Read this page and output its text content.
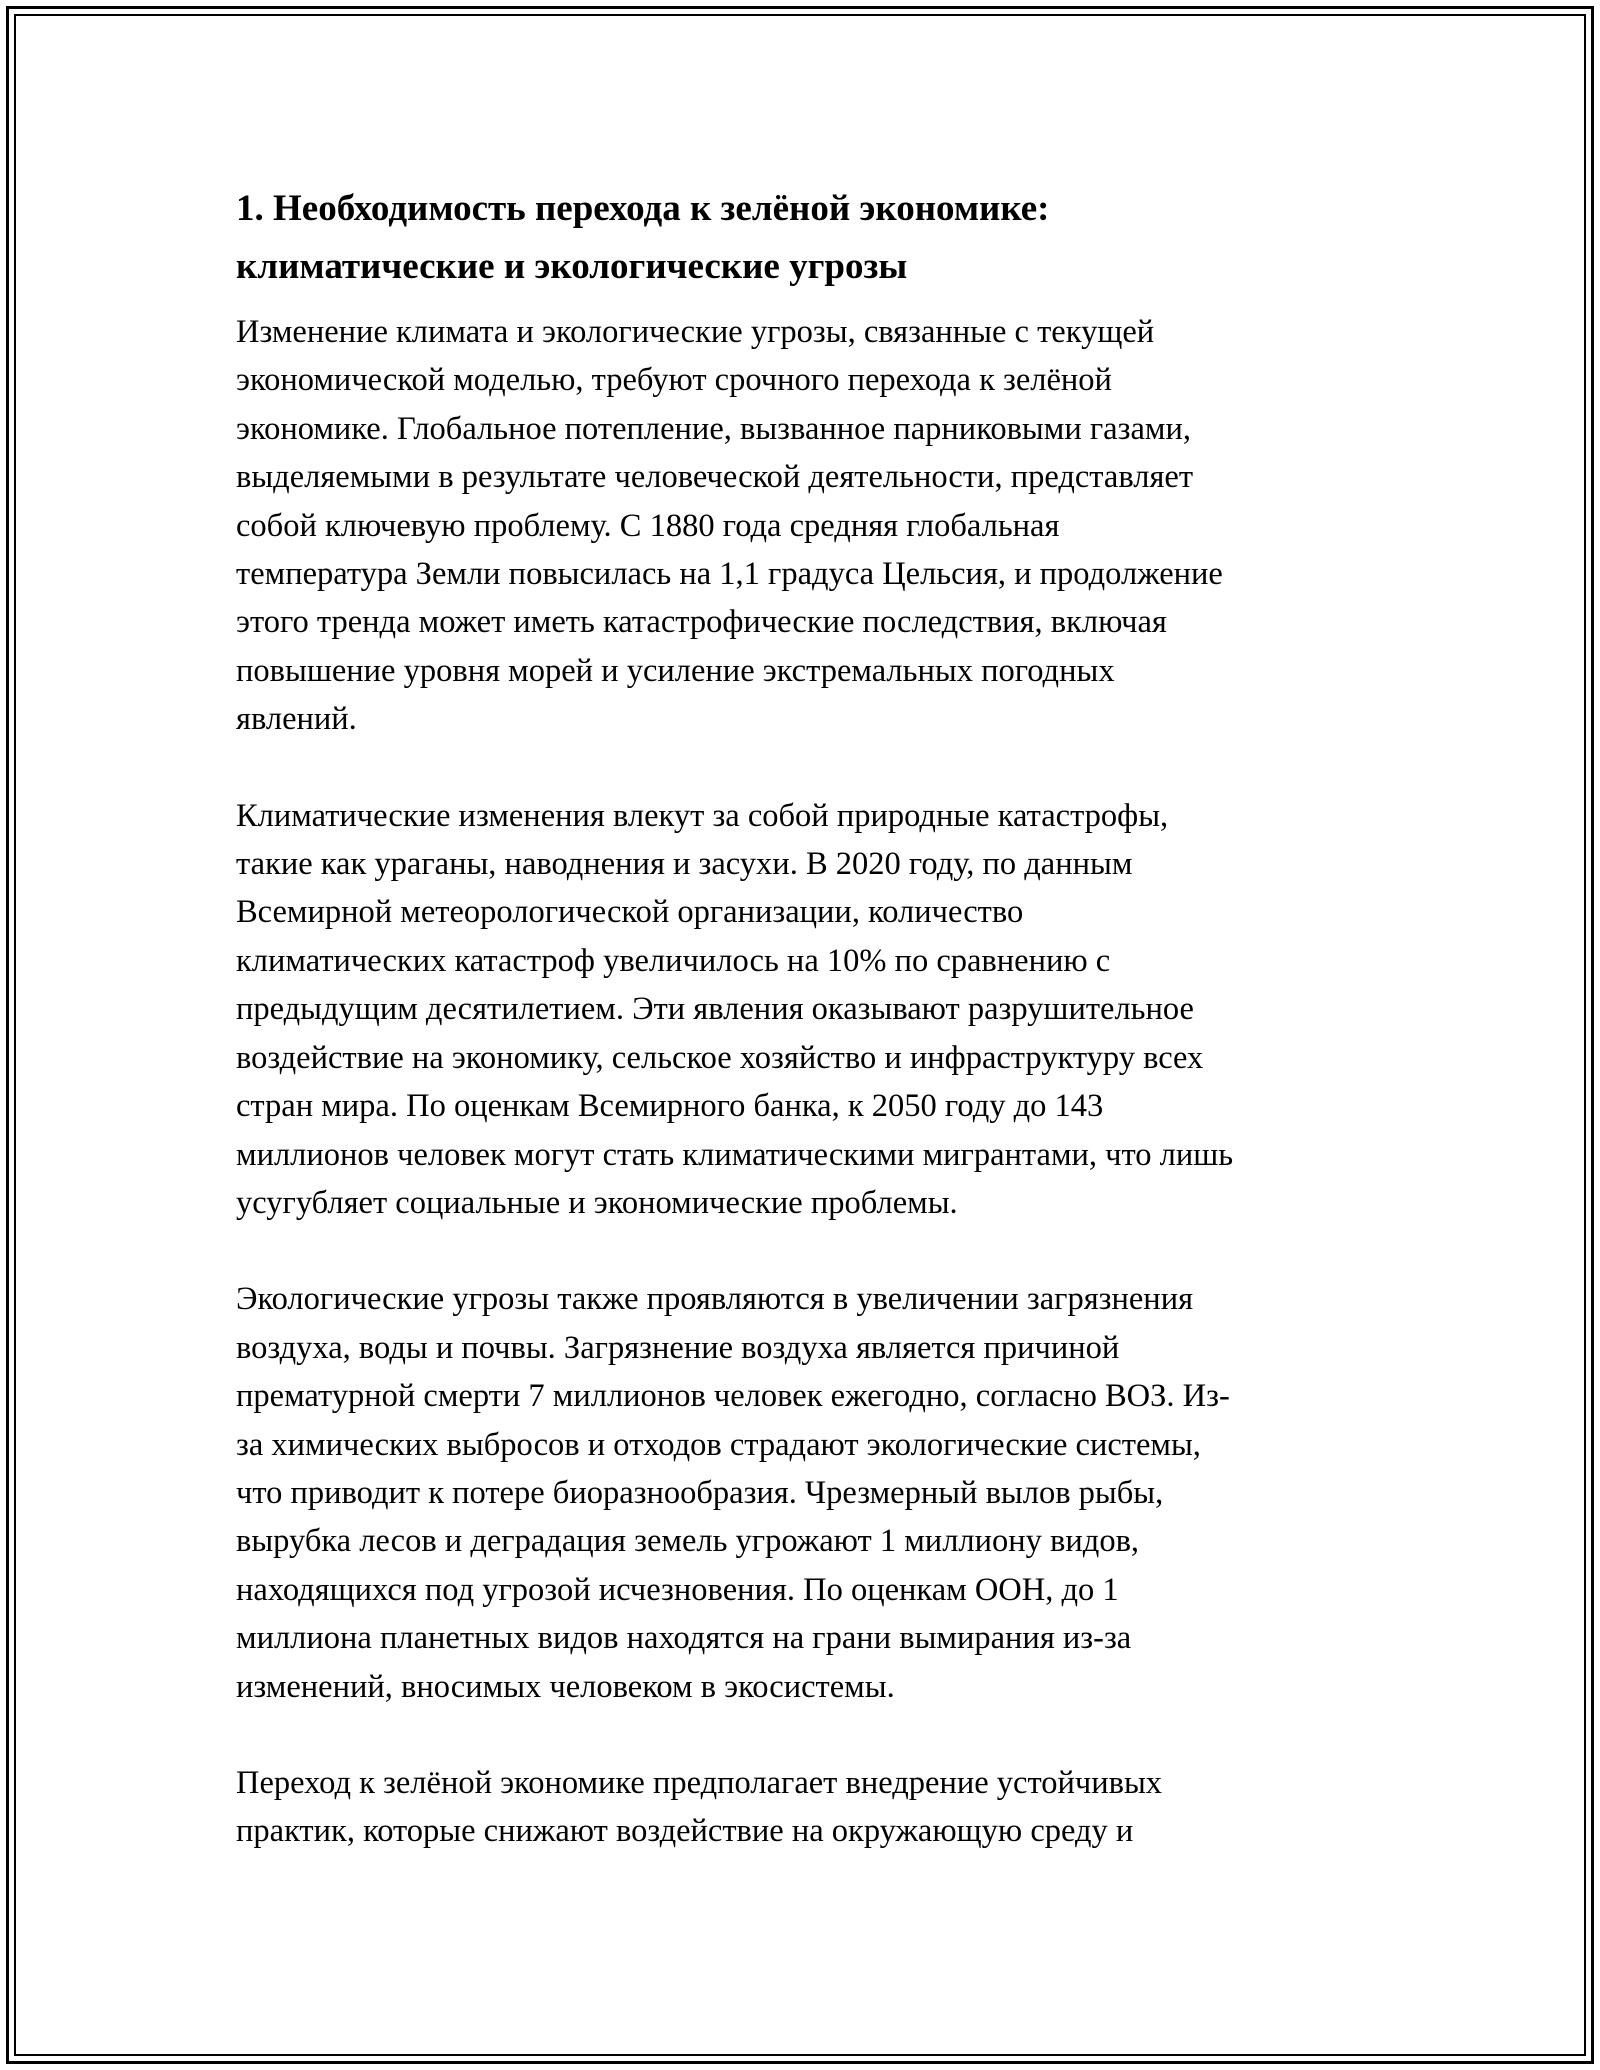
1. Необходимость перехода к зелёной экономике:
климатические и экологические угрозы

Изменение климата и экологические угрозы, связанные с текущей
экономической моделью, требуют срочного перехода к зелёной
экономике. Глобальное потепление, вызванное парниковыми газами,
выделяемыми в результате человеческой деятельности, представляет
собой ключевую проблему. С 1880 года средняя глобальная
температура Земли повысилась на 1,1 градуса Цельсия, и продолжение
этого тренда может иметь катастрофические последствия, включая
повышение уровня морей и усиление экстремальных погодных
явлений.

Климатические изменения влекут за собой природные катастрофы,
такие как ураганы, наводнения и засухи. В 2020 году, по данным
Всемирной метеорологической организации, количество
климатических катастроф увеличилось на 10% по сравнению с
предыдущим десятилетием. Эти явления оказывают разрушительное
воздействие на экономику, сельское хозяйство и инфраструктуру всех
стран мира. По оценкам Всемирного банка, к 2050 году до 143
миллионов человек могут стать климатическими мигрантами, что лишь
усугубляет социальные и экономические проблемы.

Экологические угрозы также проявляются в увеличении загрязнения
воздуха, воды и почвы. Загрязнение воздуха является причиной
прематурной смерти 7 миллионов человек ежегодно, согласно ВОЗ. Из-
за химических выбросов и отходов страдают экологические системы,
что приводит к потере биоразнообразия. Чрезмерный вылов рыбы,
вырубка лесов и деградация земель угрожают 1 миллиону видов,
находящихся под угрозой исчезновения. По оценкам ООН, до 1
миллиона планетных видов находятся на грани вымирания из-за
изменений, вносимых человеком в экосистемы.

Переход к зелёной экономике предполагает внедрение устойчивых
практик, которые снижают воздействие на окружающую среду и
